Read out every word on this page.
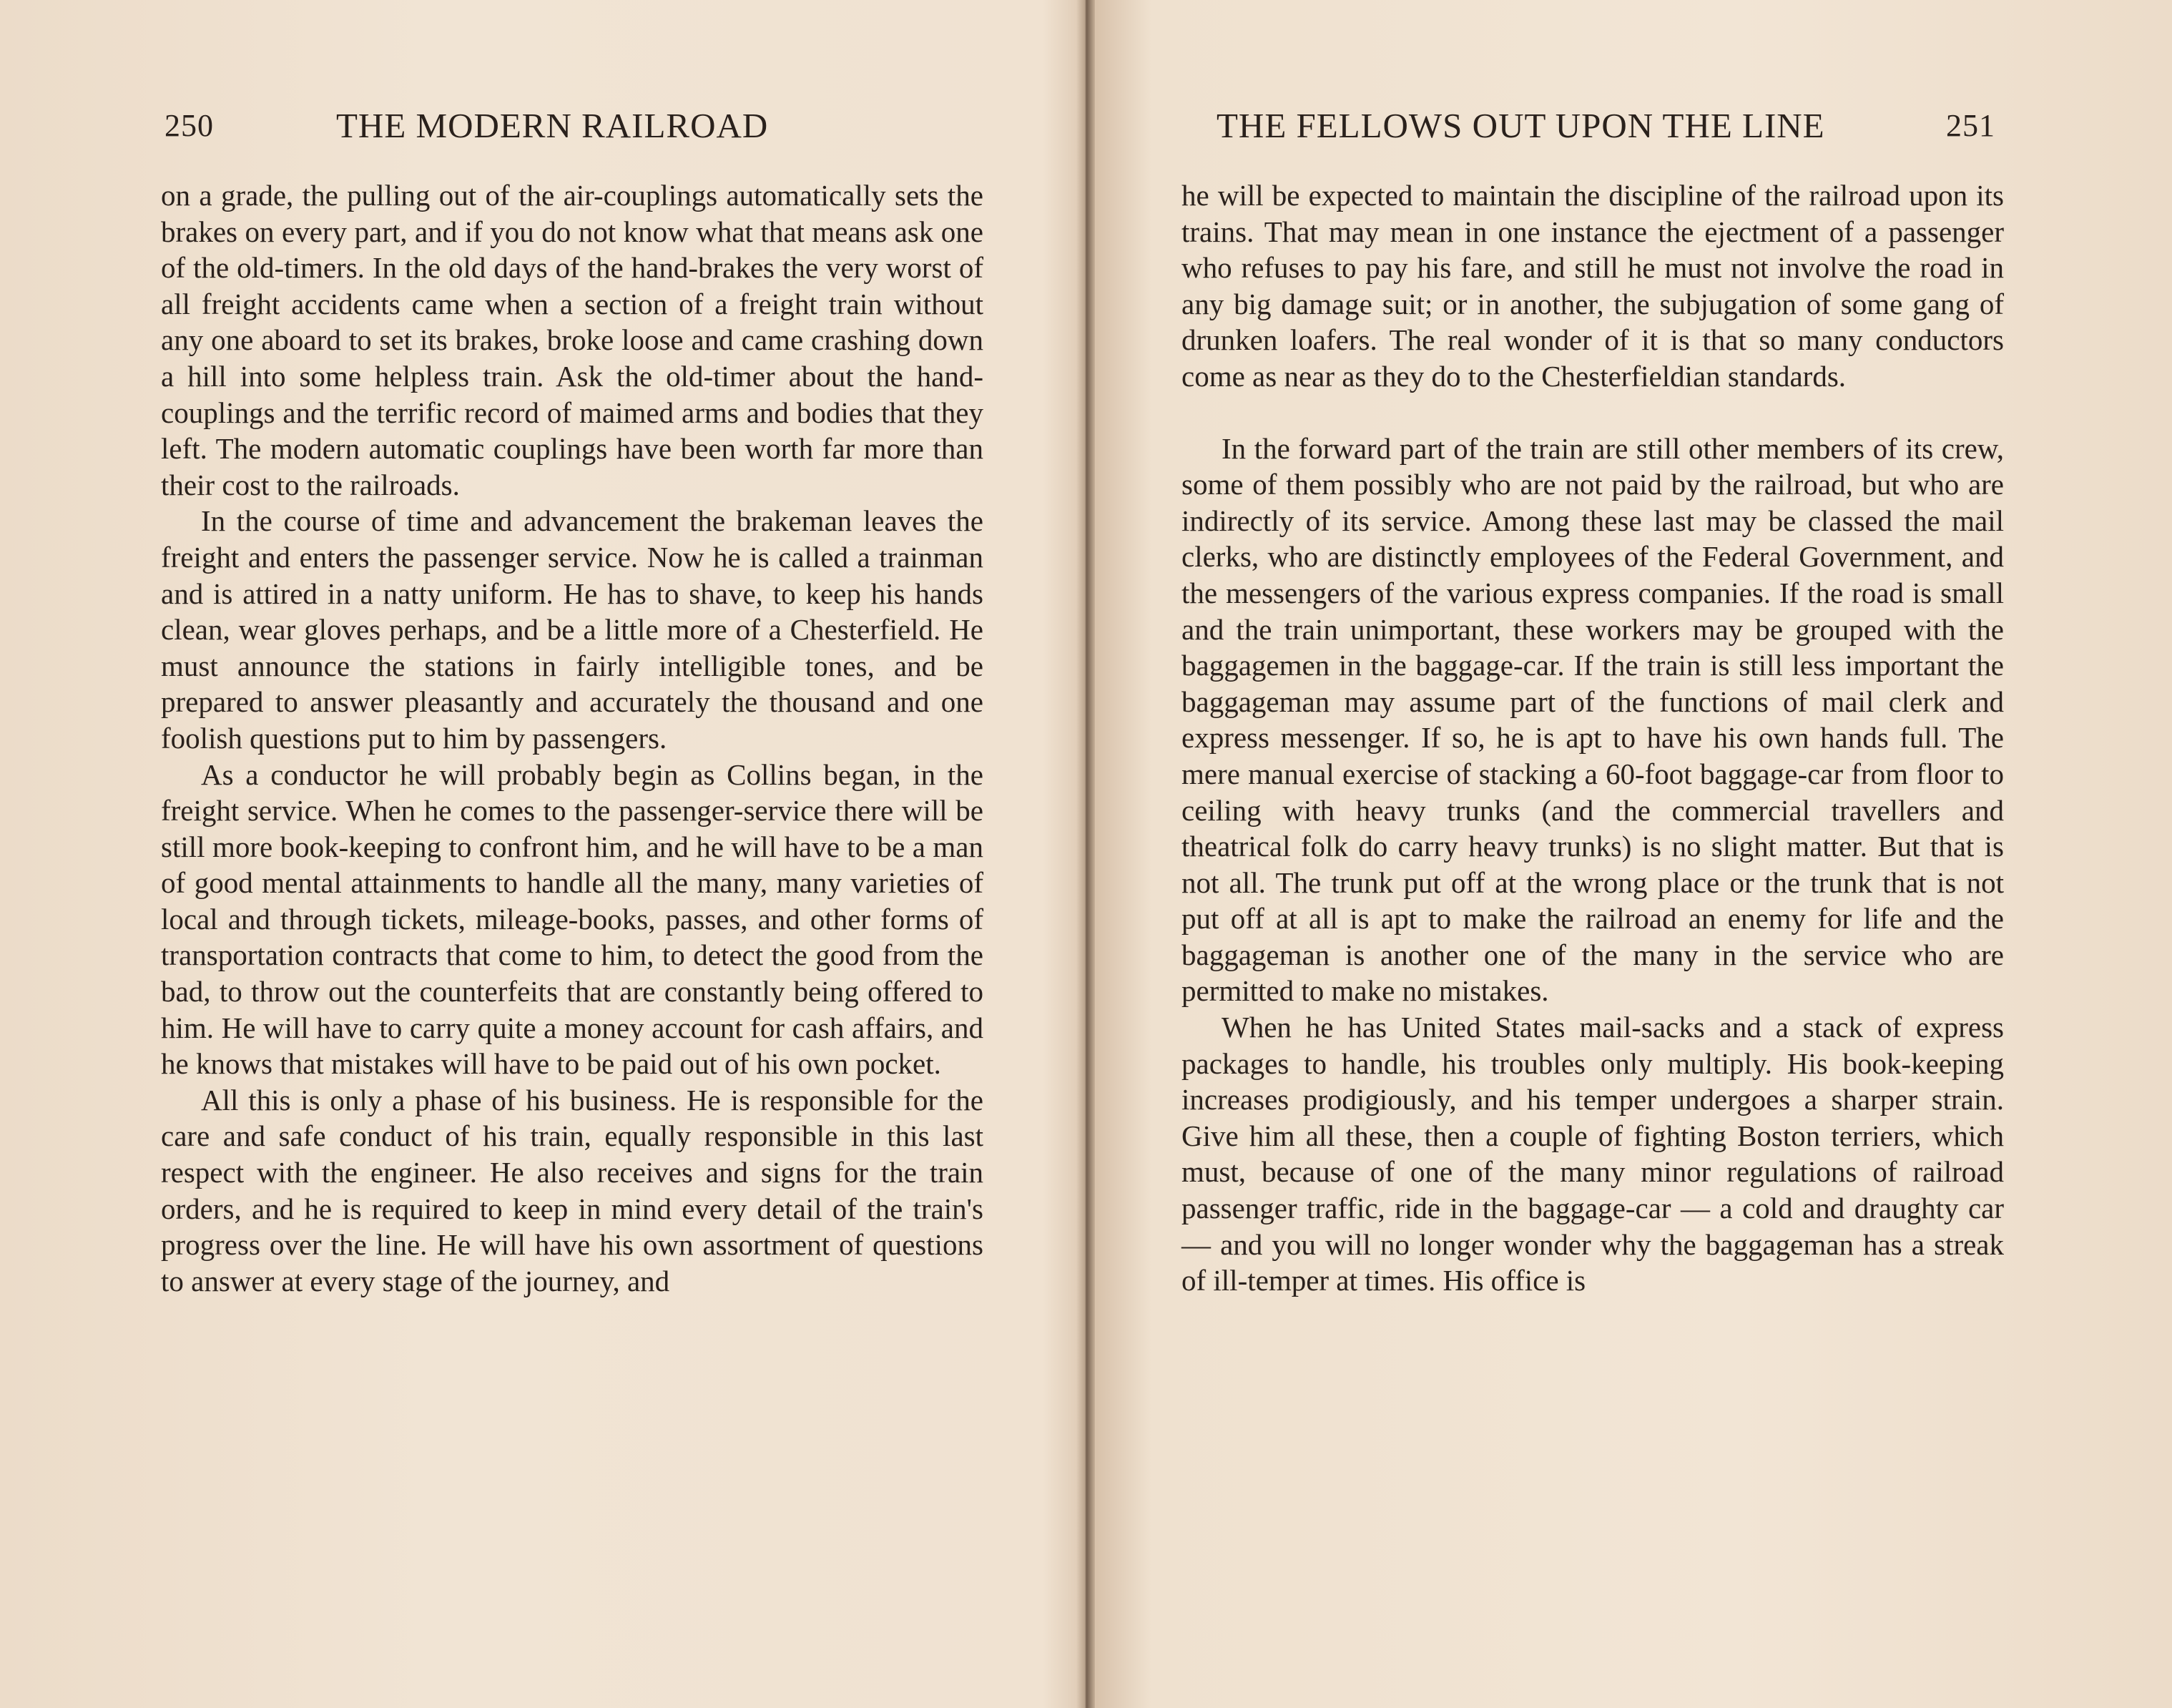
250	THE MODERN RAILROAD

on a grade, the pulling out of the air-couplings automatically sets the brakes on every part, and if you do not know what that means ask one of the old-timers. In the old days of the hand-brakes the very worst of all freight accidents came when a section of a freight train without any one aboard to set its brakes, broke loose and came crashing down a hill into some helpless train. Ask the old-timer about the hand-couplings and the terrific record of maimed arms and bodies that they left. The modern automatic couplings have been worth far more than their cost to the railroads.

In the course of time and advancement the brakeman leaves the freight and enters the passenger service. Now he is called a trainman and is attired in a natty uniform. He has to shave, to keep his hands clean, wear gloves perhaps, and be a little more of a Chesterfield. He must announce the stations in fairly intelligible tones, and be prepared to answer pleasantly and accurately the thousand and one foolish questions put to him by passengers.

As a conductor he will probably begin as Collins began, in the freight service. When he comes to the passenger-service there will be still more book-keeping to confront him, and he will have to be a man of good mental attainments to handle all the many, many varieties of local and through tickets, mileage-books, passes, and other forms of transportation contracts that come to him, to detect the good from the bad, to throw out the counterfeits that are constantly being offered to him. He will have to carry quite a money account for cash affairs, and he knows that mistakes will have to be paid out of his own pocket.

All this is only a phase of his business. He is responsible for the care and safe conduct of his train, equally responsible in this last respect with the engineer. He also receives and signs for the train orders, and he is required to keep in mind every detail of the train's progress over the line. He will have his own assortment of questions to answer at every stage of the journey, and

THE FELLOWS OUT UPON THE LINE	251

he will be expected to maintain the discipline of the railroad upon its trains. That may mean in one instance the ejectment of a passenger who refuses to pay his fare, and still he must not involve the road in any big damage suit; or in another, the subjugation of some gang of drunken loafers. The real wonder of it is that so many conductors come as near as they do to the Chesterfieldian standards.

In the forward part of the train are still other members of its crew, some of them possibly who are not paid by the railroad, but who are indirectly of its service. Among these last may be classed the mail clerks, who are distinctly employees of the Federal Government, and the messengers of the various express companies. If the road is small and the train unimportant, these workers may be grouped with the baggagemen in the baggage-car. If the train is still less important the baggageman may assume part of the functions of mail clerk and express messenger. If so, he is apt to have his own hands full. The mere manual exercise of stacking a 60-foot baggage-car from floor to ceiling with heavy trunks (and the commercial travellers and theatrical folk do carry heavy trunks) is no slight matter. But that is not all. The trunk put off at the wrong place or the trunk that is not put off at all is apt to make the railroad an enemy for life and the baggageman is another one of the many in the service who are permitted to make no mistakes.

When he has United States mail-sacks and a stack of express packages to handle, his troubles only multiply. His book-keeping increases prodigiously, and his temper undergoes a sharper strain. Give him all these, then a couple of fighting Boston terriers, which must, because of one of the many minor regulations of railroad passenger traffic, ride in the baggage-car — a cold and draughty car — and you will no longer wonder why the baggageman has a streak of ill-temper at times. His office is
